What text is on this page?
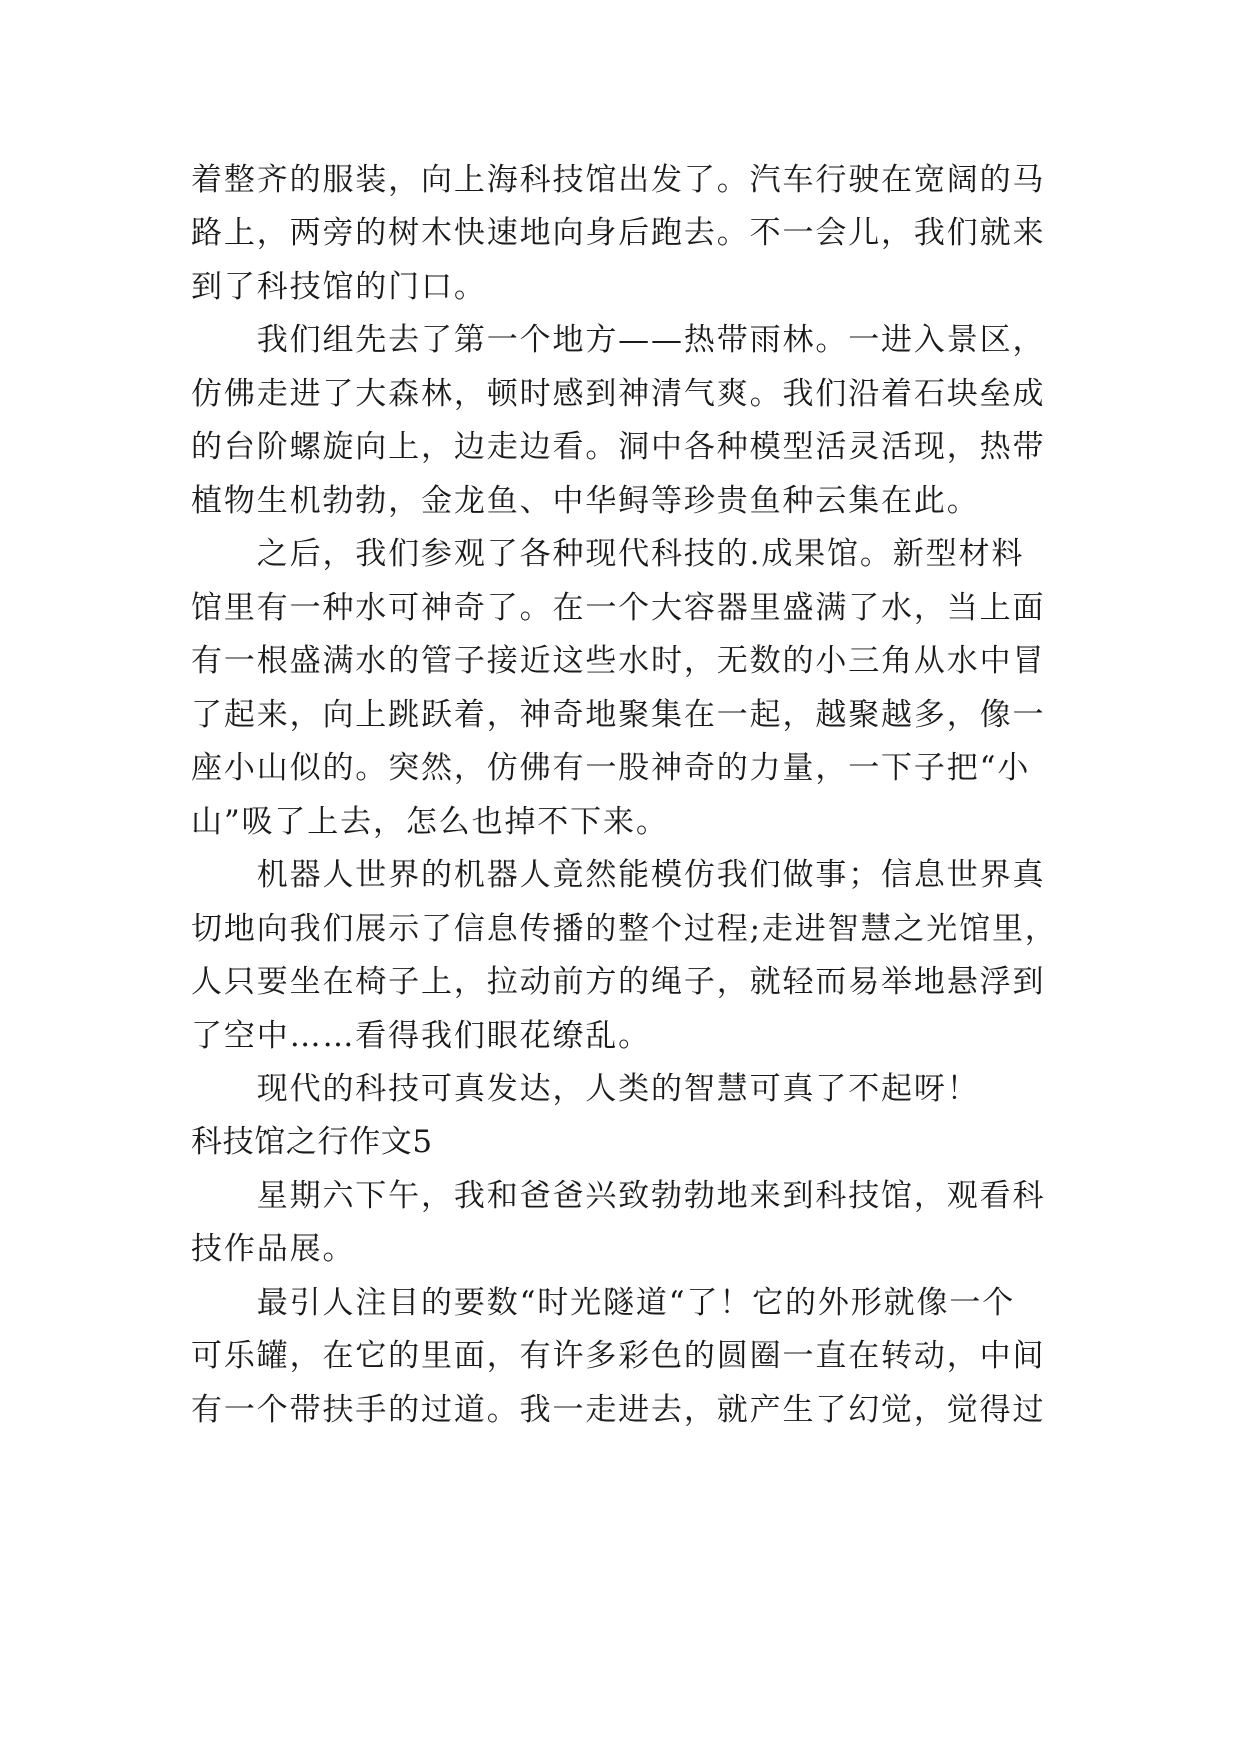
着整齐的服装，向上海科技馆出发了。汽车行驶在宽阔的马
路上，两旁的树木快速地向身后跑去。不一会儿，我们就来
到了科技馆的门口。
　　我们组先去了第一个地方——热带雨林。一进入景区，
仿佛走进了大森林，顿时感到神清气爽。我们沿着石块垒成
的台阶螺旋向上，边走边看。洞中各种模型活灵活现，热带
植物生机勃勃，金龙鱼、中华鲟等珍贵鱼种云集在此。
　　之后，我们参观了各种现代科技的.成果馆。新型材料
馆里有一种水可神奇了。在一个大容器里盛满了水，当上面
有一根盛满水的管子接近这些水时，无数的小三角从水中冒
了起来，向上跳跃着，神奇地聚集在一起，越聚越多，像一
座小山似的。突然，仿佛有一股神奇的力量，一下子把“小
山”吸了上去，怎么也掉不下来。
　　机器人世界的机器人竟然能模仿我们做事；信息世界真
切地向我们展示了信息传播的整个过程;走进智慧之光馆里，
人只要坐在椅子上，拉动前方的绳子，就轻而易举地悬浮到
了空中……看得我们眼花缭乱。
　　现代的科技可真发达，人类的智慧可真了不起呀！
科技馆之行作文5
　　星期六下午，我和爸爸兴致勃勃地来到科技馆，观看科
技作品展。
　　最引人注目的要数“时光隧道“了！它的外形就像一个
可乐罐，在它的里面，有许多彩色的圆圈一直在转动，中间
有一个带扶手的过道。我一走进去，就产生了幻觉，觉得过
